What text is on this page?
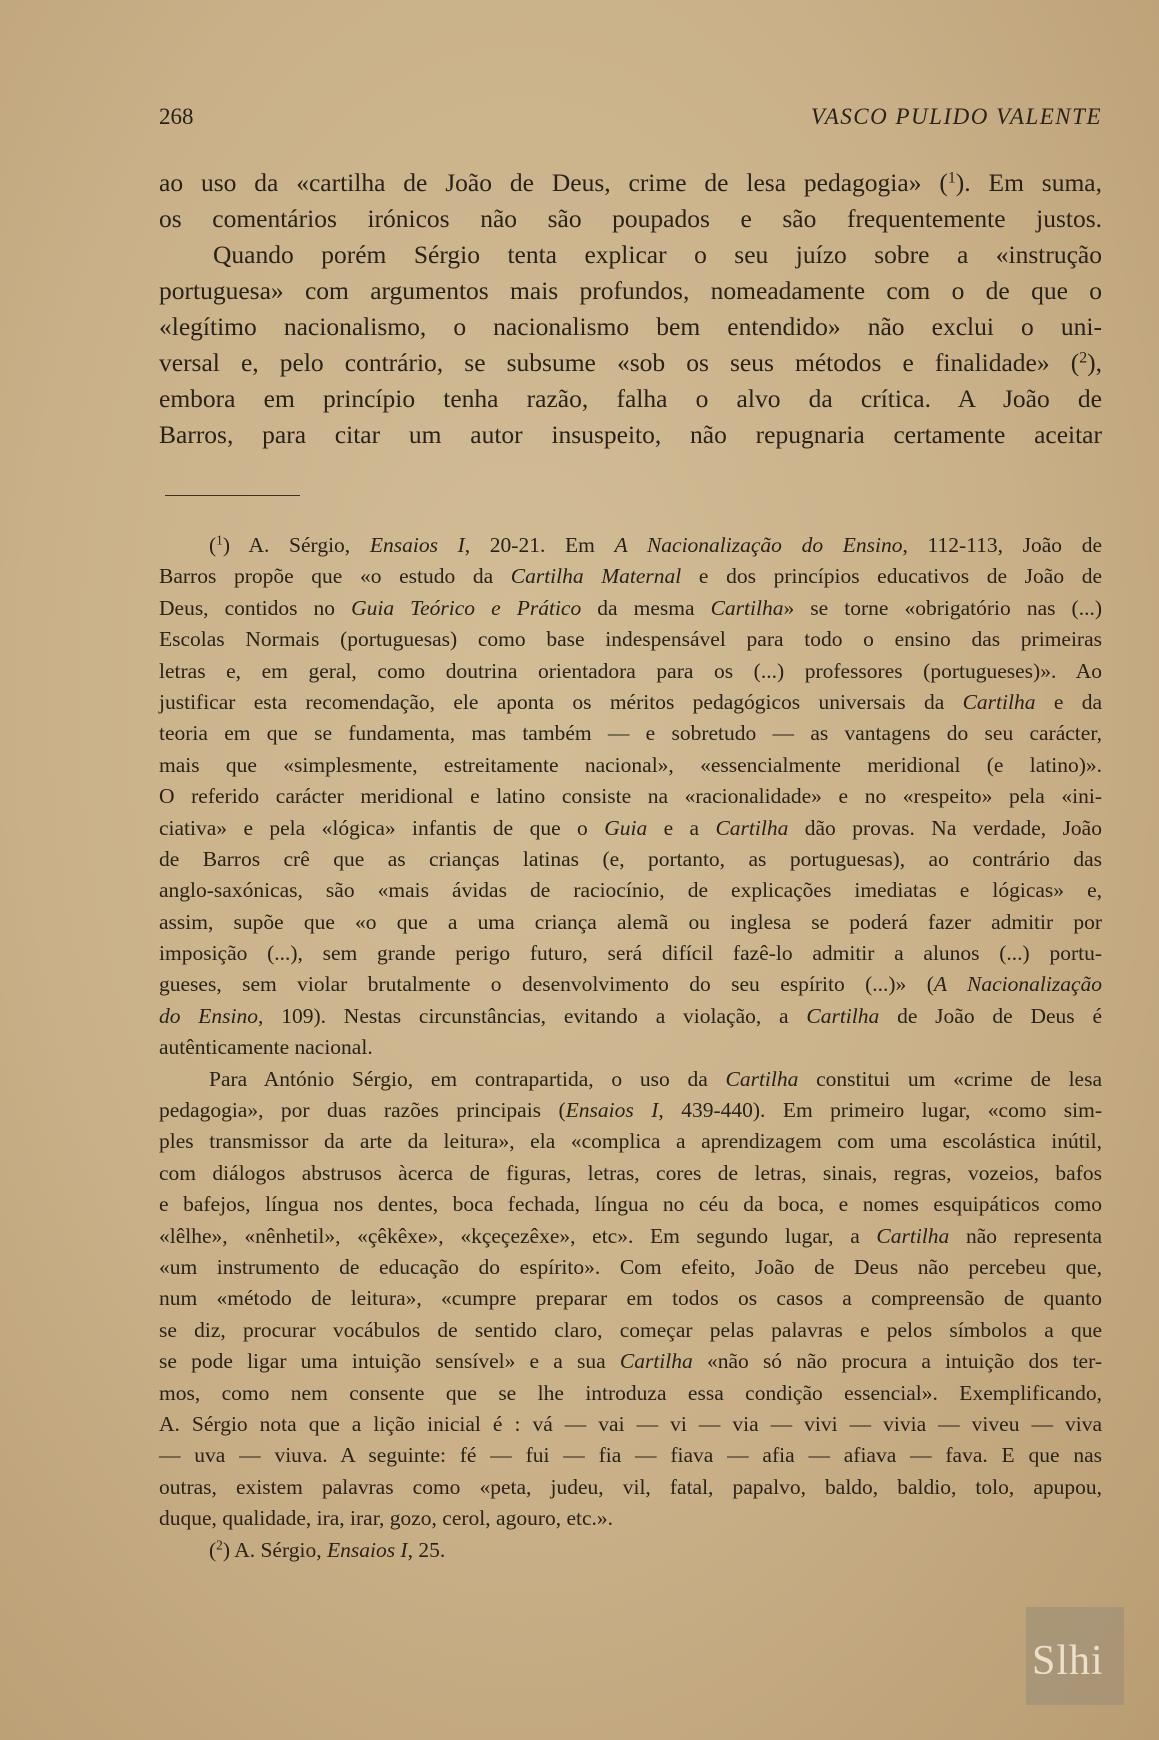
268	VASCO PULIDO VALENTE
ao uso da «cartilha de João de Deus, crime de lesa pedagogia» ($^1$). Em suma,
os comentários irónicos não são poupados e são frequentemente justos.
Quando porém Sérgio tenta explicar o seu juízo sobre a «instrução
portuguesa» com argumentos mais profundos, nomeadamente com o de que o
«legítimo nacionalismo, o nacionalismo bem entendido» não exclui o uni-
versal e, pelo contrário, se subsume «sob os seus métodos e finalidade» ($^2$),
embora em princípio tenha razão, falha o alvo da crítica. A João de
Barros, para citar um autor insuspeito, não repugnaria certamente aceitar
($^1$) A. Sérgio, Ensaios I, 20-21. Em A Nacionalização do Ensino, 112-113, João de
Barros propõe que «o estudo da Cartilha Maternal e dos princípios educativos de João de
Deus, contidos no Guia Teórico e Prático da mesma Cartilha» se torne «obrigatório nas (...)
Escolas Normais (portuguesas) como base indespensável para todo o ensino das primeiras
letras e, em geral, como doutrina orientadora para os (...) professores (portugueses)». Ao
justificar esta recomendação, ele aponta os méritos pedagógicos universais da Cartilha e da
teoria em que se fundamenta, mas também — e sobretudo — as vantagens do seu carácter,
mais que «simplesmente, estreitamente nacional», «essencialmente meridional (e latino)».
O referido carácter meridional e latino consiste na «racionalidade» e no «respeito» pela «ini-
ciativa» e pela «lógica» infantis de que o Guia e a Cartilha dão provas. Na verdade, João
de Barros crê que as crianças latinas (e, portanto, as portuguesas), ao contrário das
anglo-saxónicas, são «mais ávidas de raciocínio, de explicações imediatas e lógicas» e,
assim, supõe que «o que a uma criança alemã ou inglesa se poderá fazer admitir por
imposição (...), sem grande perigo futuro, será difícil fazê-lo admitir a alunos (...) portu-
gueses, sem violar brutalmente o desenvolvimento do seu espírito (...)» (A Nacionalização
do Ensino, 109). Nestas circunstâncias, evitando a violação, a Cartilha de João de Deus é
autênticamente nacional.
Para António Sérgio, em contrapartida, o uso da Cartilha constitui um «crime de lesa
pedagogia», por duas razões principais (Ensaios I, 439-440). Em primeiro lugar, «como sim-
ples transmissor da arte da leitura», ela «complica a aprendizagem com uma escolástica inútil,
com diálogos abstrusos àcerca de figuras, letras, cores de letras, sinais, regras, vozeios, bafos
e bafejos, língua nos dentes, boca fechada, língua no céu da boca, e nomes esquipáticos como
«lêlhe», «nênhetil», «çêkêxe», «kçeçezêxe», etc». Em segundo lugar, a Cartilha não representa
«um instrumento de educação do espírito». Com efeito, João de Deus não percebeu que,
num «método de leitura», «cumpre preparar em todos os casos a compreensão de quanto
se diz, procurar vocábulos de sentido claro, começar pelas palavras e pelos símbolos a que
se pode ligar uma intuição sensível» e a sua Cartilha «não só não procura a intuição dos ter-
mos, como nem consente que se lhe introduza essa condição essencial». Exemplificando,
A. Sérgio nota que a lição inicial é : vá — vai — vi — via — vivi — vivia — viveu — viva
— uva — viuva. A seguinte: fé — fui — fia — fiava — afia — afiava — fava. E que nas
outras, existem palavras como «peta, judeu, vil, fatal, papalvo, baldo, baldio, tolo, apupou,
duque, qualidade, ira, irar, gozo, cerol, agouro, etc.».
($^2$) A. Sérgio, Ensaios I, 25.
Slhi
